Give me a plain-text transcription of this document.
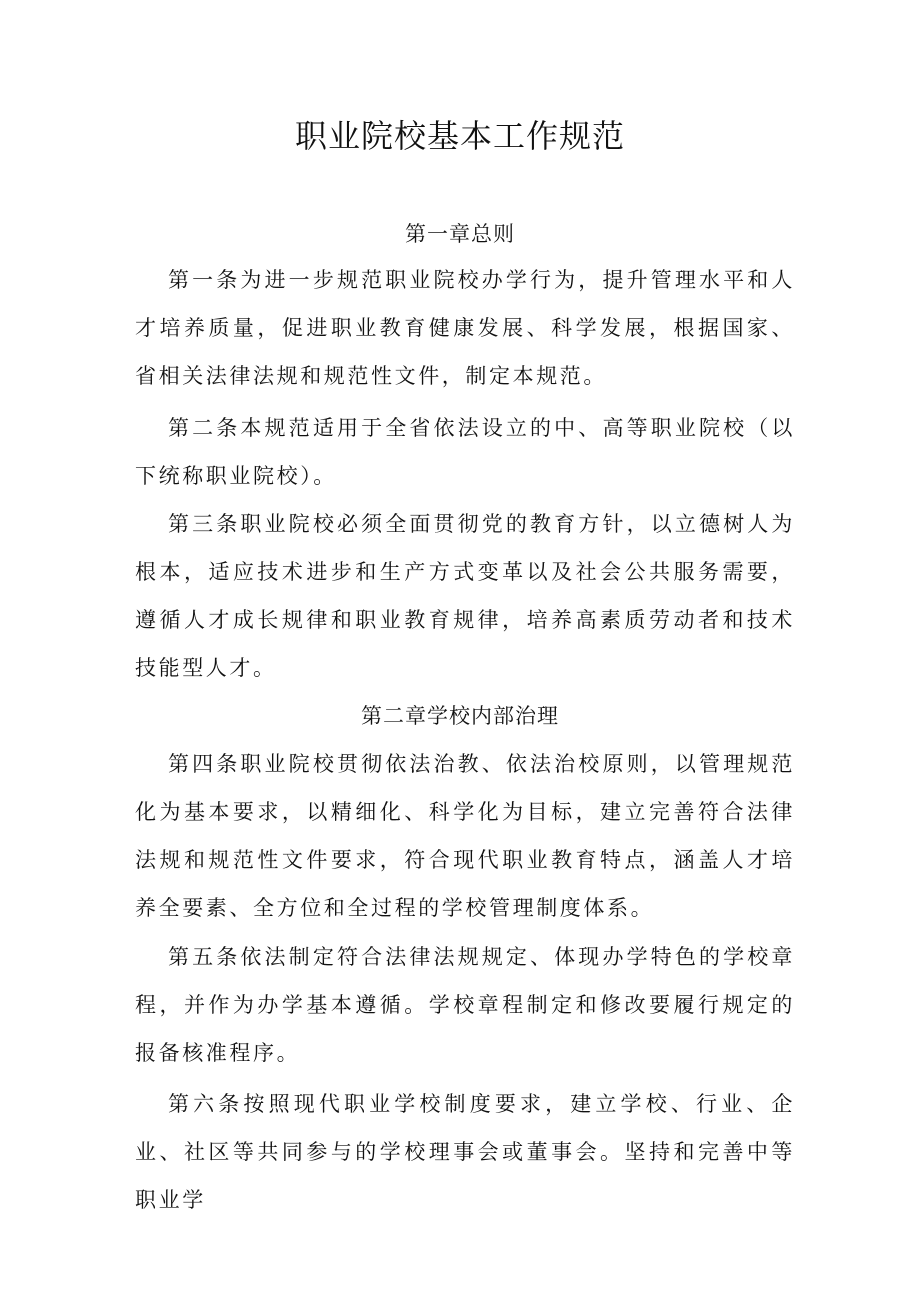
职业院校基本工作规范
第一章总则

第一条为进一步规范职业院校办学行为，提升管理水平和人才培养质量，促进职业教育健康发展、科学发展，根据国家、省相关法律法规和规范性文件，制定本规范。

第二条本规范适用于全省依法设立的中、高等职业院校（以下统称职业院校）。

第三条职业院校必须全面贯彻党的教育方针，以立德树人为根本，适应技术进步和生产方式变革以及社会公共服务需要，遵循人才成长规律和职业教育规律，培养高素质劳动者和技术技能型人才。

第二章学校内部治理

第四条职业院校贯彻依法治教、依法治校原则，以管理规范化为基本要求，以精细化、科学化为目标，建立完善符合法律法规和规范性文件要求，符合现代职业教育特点，涵盖人才培养全要素、全方位和全过程的学校管理制度体系。

第五条依法制定符合法律法规规定、体现办学特色的学校章程，并作为办学基本遵循。学校章程制定和修改要履行规定的报备核准程序。

第六条按照现代职业学校制度要求，建立学校、行业、企业、社区等共同参与的学校理事会或董事会。坚持和完善中等职业学
